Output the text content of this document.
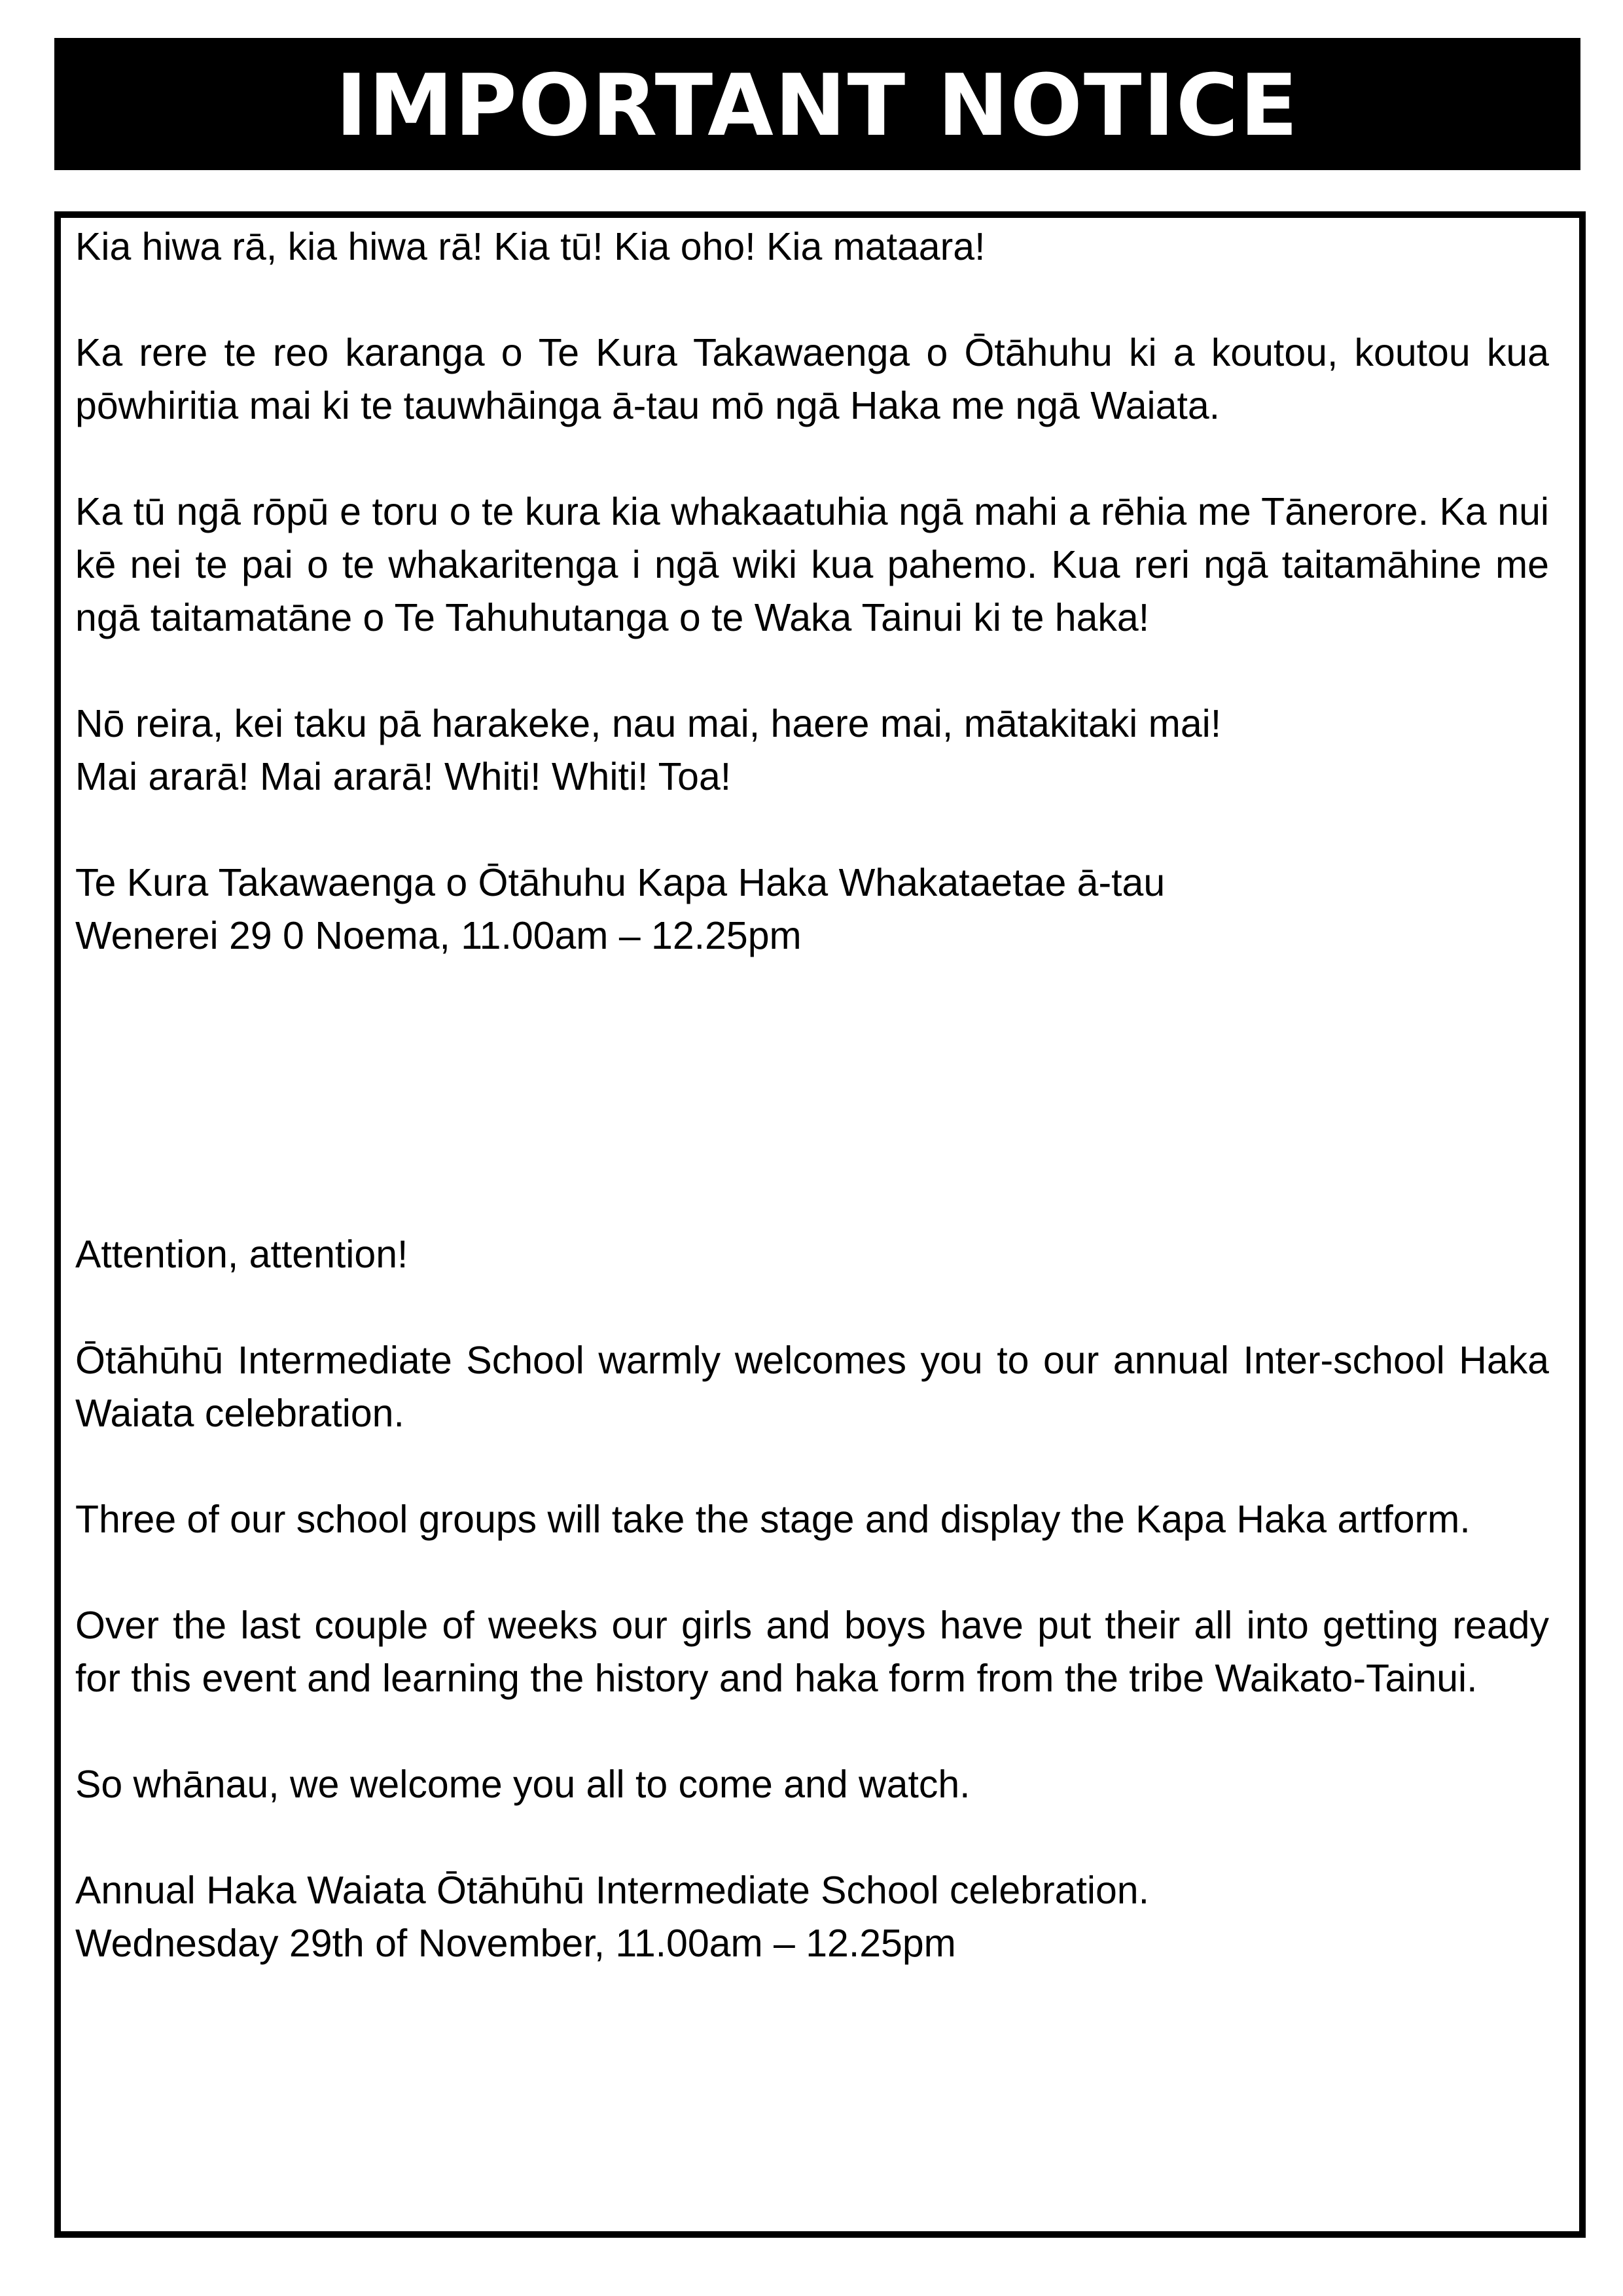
IMPORTANT NOTICE

Kia hiwa rā, kia hiwa rā! Kia tū! Kia oho! Kia mataara!

Ka rere te reo karanga o Te Kura Takawaenga o Ōtāhuhu ki a koutou, koutou kua pōwhiritia mai ki te tauwhāinga ā-tau mō ngā Haka me ngā Waiata.

Ka tū ngā rōpū e toru o te kura kia whakaatuhia ngā mahi a rēhia me Tānerore. Ka nui kē nei te pai o te whakaritenga i ngā wiki kua pahemo. Kua reri ngā taitamāhine me ngā taitamatāne o Te Tahuhutanga o te Waka Tainui ki te haka!

Nō reira, kei taku pā harakeke, nau mai, haere mai, mātakitaki mai!
Mai ararā! Mai ararā! Whiti! Whiti! Toa!

Te Kura Takawaenga o Ōtāhuhu Kapa Haka Whakataetae ā-tau
Wenerei 29 0 Noema, 11.00am – 12.25pm

Attention, attention!

Ōtāhūhū Intermediate School warmly welcomes you to our annual Inter-school Haka Waiata celebration.

Three of our school groups will take the stage and display the Kapa Haka artform.

Over the last couple of weeks our girls and boys have put their all into getting ready for this event and learning the history and haka form from the tribe Waikato-Tainui.

So whānau, we welcome you all to come and watch.

Annual Haka Waiata Ōtāhūhū Intermediate School celebration.
Wednesday 29th of November, 11.00am – 12.25pm
